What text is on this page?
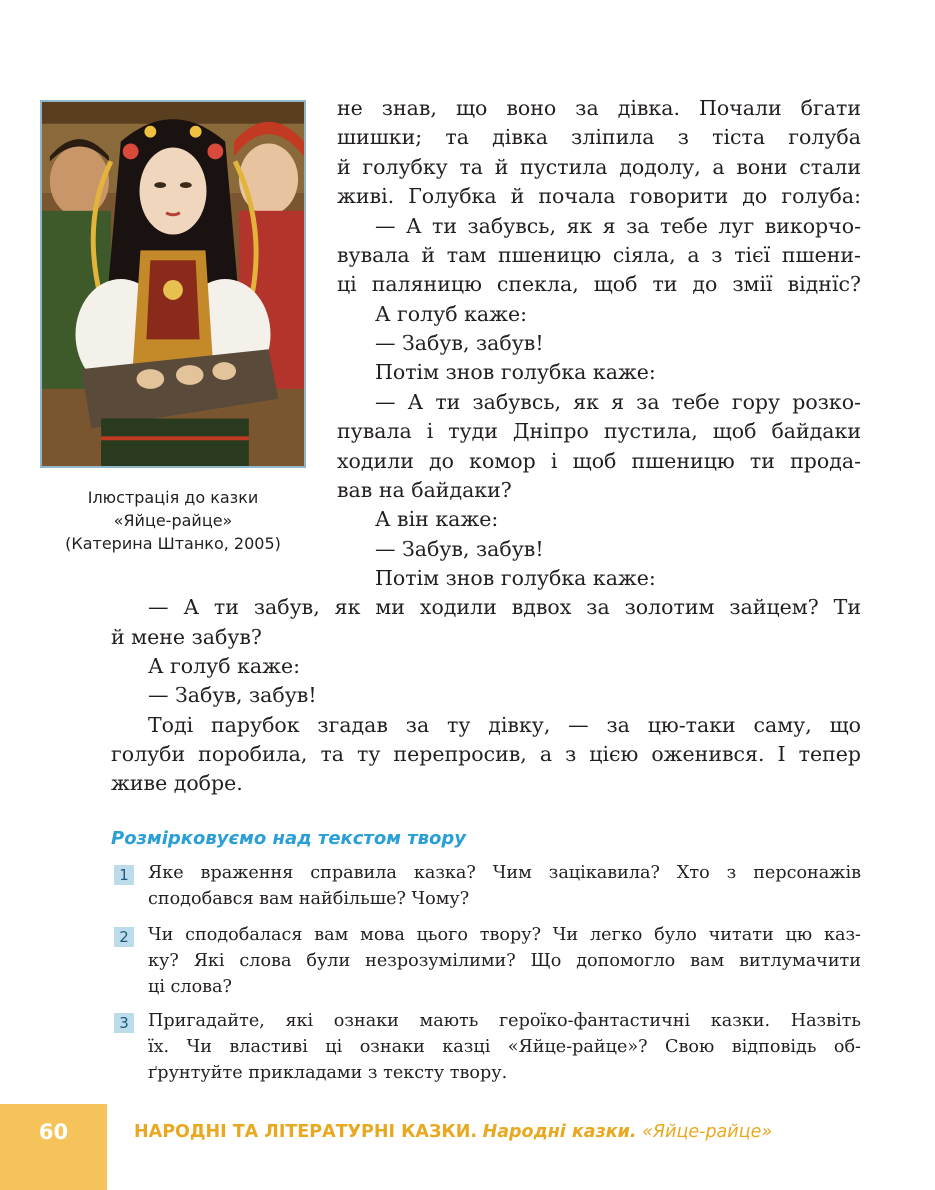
Ілюстрація до казки
«Яйце-райце»
(Катерина Штанко, 2005)
не знав, що воно за дівка. Почали бгати
шишки; та дівка зліпила з тіста голуба
й голубку та й пустила додолу, а вони стали
живі. Голубка й почала говорити до голуба:
— А ти забувсь, як я за тебе луг викорчо-
вувала й там пшеницю сіяла, а з тієї пшени-
ці паляницю спекла, щоб ти до змії віднїс?
А голуб каже:
— Забув, забув!
Потім знов голубка каже:
— А ти забувсь, як я за тебе гору розко-
пувала і туди Дніпро пустила, щоб байдаки
ходили до комор і щоб пшеницю ти прода-
вав на байдаки?
А він каже:
— Забув, забув!
Потім знов голубка каже:
— А ти забув, як ми ходили вдвох за золотим зайцем? Ти
й мене забув?
А голуб каже:
— Забув, забув!
Тоді парубок згадав за ту дівку, — за цю-таки саму, що
голуби поробила, та ту перепросив, а з цією оженився. І тепер
живе добре.
Розмірковуємо над текстом твору
1 Яке враження справила казка? Чим зацікавила? Хто з персонажів
сподобався вам найбільше? Чому?
2 Чи сподобалася вам мова цього твору? Чи легко було читати цю каз-
ку? Які слова були незрозумілими? Що допомогло вам витлумачити
ці слова?
3 Пригадайте, які ознаки мають героїко-фантастичні казки. Назвіть
їх. Чи властиві ці ознаки казці «Яйце-райце»? Свою відповідь об-
ґрунтуйте прикладами з тексту твору.
60	НАРОДНІ ТА ЛІТЕРАТУРНІ КАЗКИ. Народні казки. «Яйце-райце»
